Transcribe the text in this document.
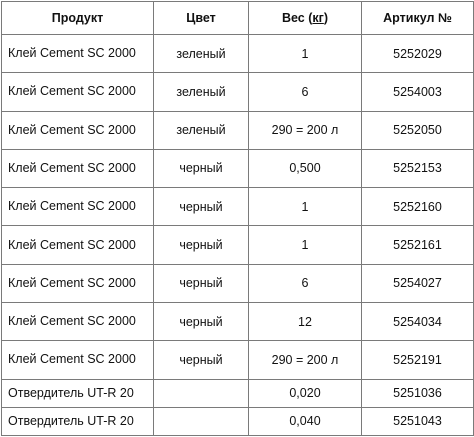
Продукт	Цвет	Вес (кг)	Артикул №
Клей Cement SC 2000	зеленый	1	5252029
Клей Cement SC 2000	зеленый	6	5254003
Клей Cement SC 2000	зеленый	290 = 200 л	5252050
Клей Cement SC 2000	черный	0,500	5252153
Клей Cement SC 2000	черный	1	5252160
Клей Cement SC 2000	черный	1	5252161
Клей Cement SC 2000	черный	6	5254027
Клей Cement SC 2000	черный	12	5254034
Клей Cement SC 2000	черный	290 = 200 л	5252191
Отвердитель UT-R 20		0,020	5251036
Отвердитель UT-R 20		0,040	5251043
